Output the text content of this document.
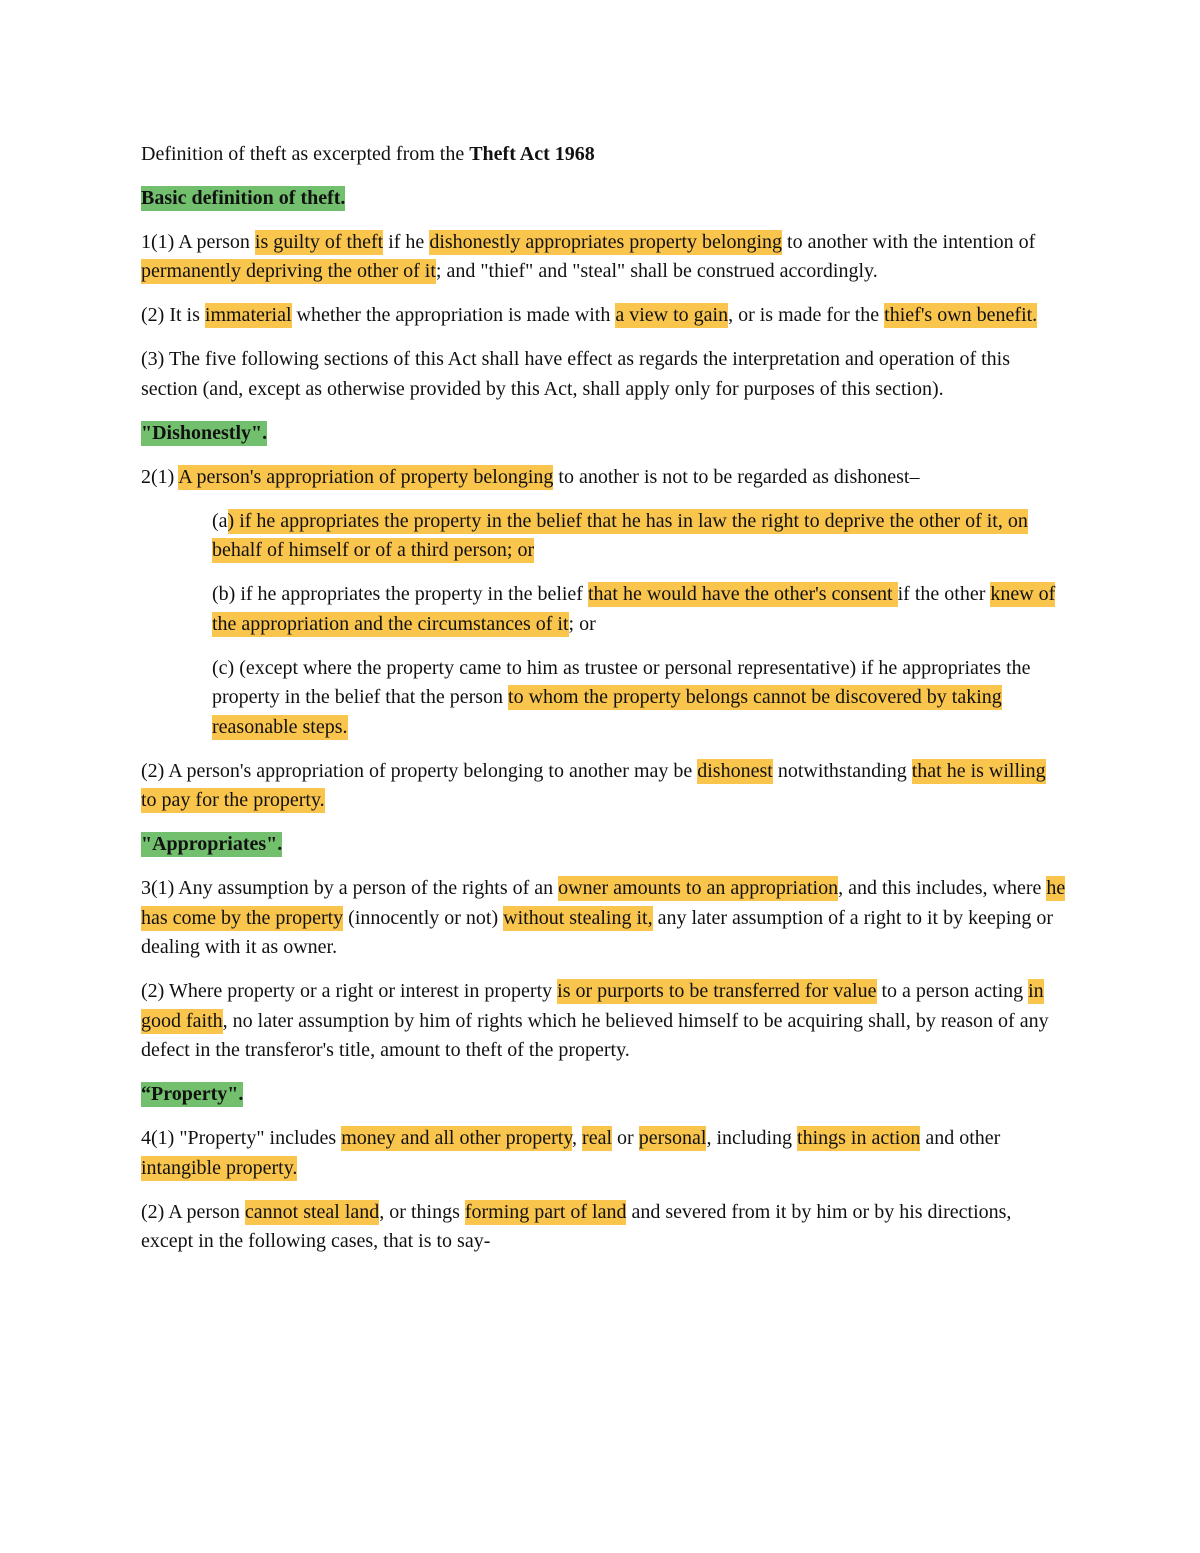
Definition of theft as excerpted from the Theft Act 1968

Basic definition of theft.

1(1) A person is guilty of theft if he dishonestly appropriates property belonging to another with the intention of permanently depriving the other of it; and "thief" and "steal" shall be construed accordingly.

(2) It is immaterial whether the appropriation is made with a view to gain, or is made for the thief's own benefit.

(3) The five following sections of this Act shall have effect as regards the interpretation and operation of this section (and, except as otherwise provided by this Act, shall apply only for purposes of this section).

"Dishonestly".

2(1) A person's appropriation of property belonging to another is not to be regarded as dishonest–

(a) if he appropriates the property in the belief that he has in law the right to deprive the other of it, on behalf of himself or of a third person; or

(b) if he appropriates the property in the belief that he would have the other's consent if the other knew of the appropriation and the circumstances of it; or

(c) (except where the property came to him as trustee or personal representative) if he appropriates the property in the belief that the person to whom the property belongs cannot be discovered by taking reasonable steps.

(2) A person's appropriation of property belonging to another may be dishonest notwithstanding that he is willing to pay for the property.

"Appropriates".

3(1) Any assumption by a person of the rights of an owner amounts to an appropriation, and this includes, where he has come by the property (innocently or not) without stealing it, any later assumption of a right to it by keeping or dealing with it as owner.

(2) Where property or a right or interest in property is or purports to be transferred for value to a person acting in good faith, no later assumption by him of rights which he believed himself to be acquiring shall, by reason of any defect in the transferor's title, amount to theft of the property.

“Property".

4(1) "Property" includes money and all other property, real or personal, including things in action and other intangible property.

(2) A person cannot steal land, or things forming part of land and severed from it by him or by his directions, except in the following cases, that is to say-
